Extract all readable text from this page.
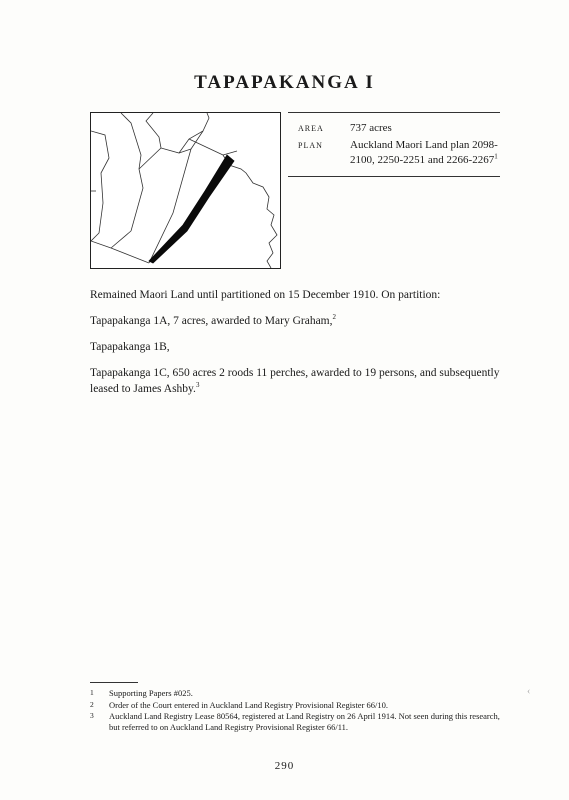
TAPAPAKANGA I
AREA	737 acres
PLAN	Auckland Maori Land plan 2098-2100, 2250-2251 and 2266-2267$^1$

Remained Maori Land until partitioned on 15 December 1910. On partition:

Tapapakanga 1A, 7 acres, awarded to Mary Graham,$^2$

Tapapakanga 1B,

Tapapakanga 1C, 650 acres 2 roods 11 perches, awarded to 19 persons, and subsequently leased to James Ashby.$^3$

1	Supporting Papers #025.
2	Order of the Court entered in Auckland Land Registry Provisional Register 66/10.
3	Auckland Land Registry Lease 80564, registered at Land Registry on 26 April 1914. Not seen during this research, but referred to on Auckland Land Registry Provisional Register 66/11.
‹
290
